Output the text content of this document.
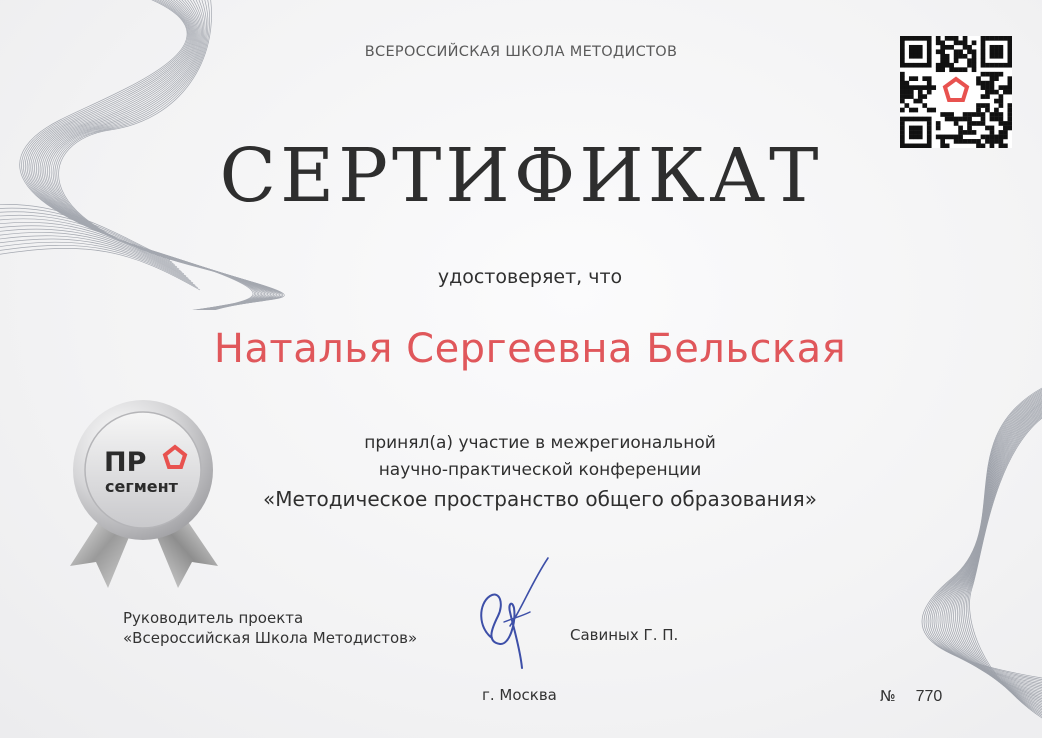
ВСЕРОССИЙСКАЯ ШКОЛА МЕТОДИСТОВ
СЕРТИФИКАТ
удостоверяет, что
Наталья Сергеевна Бельская
принял(а) участие в межрегиональной
научно-практической конференции
«Методическое пространство общего образования»
ПР
сегмент
Руководитель проекта
«Всероссийская Школа Методистов»	Савиных Г. П.
г. Москва	№ 770
